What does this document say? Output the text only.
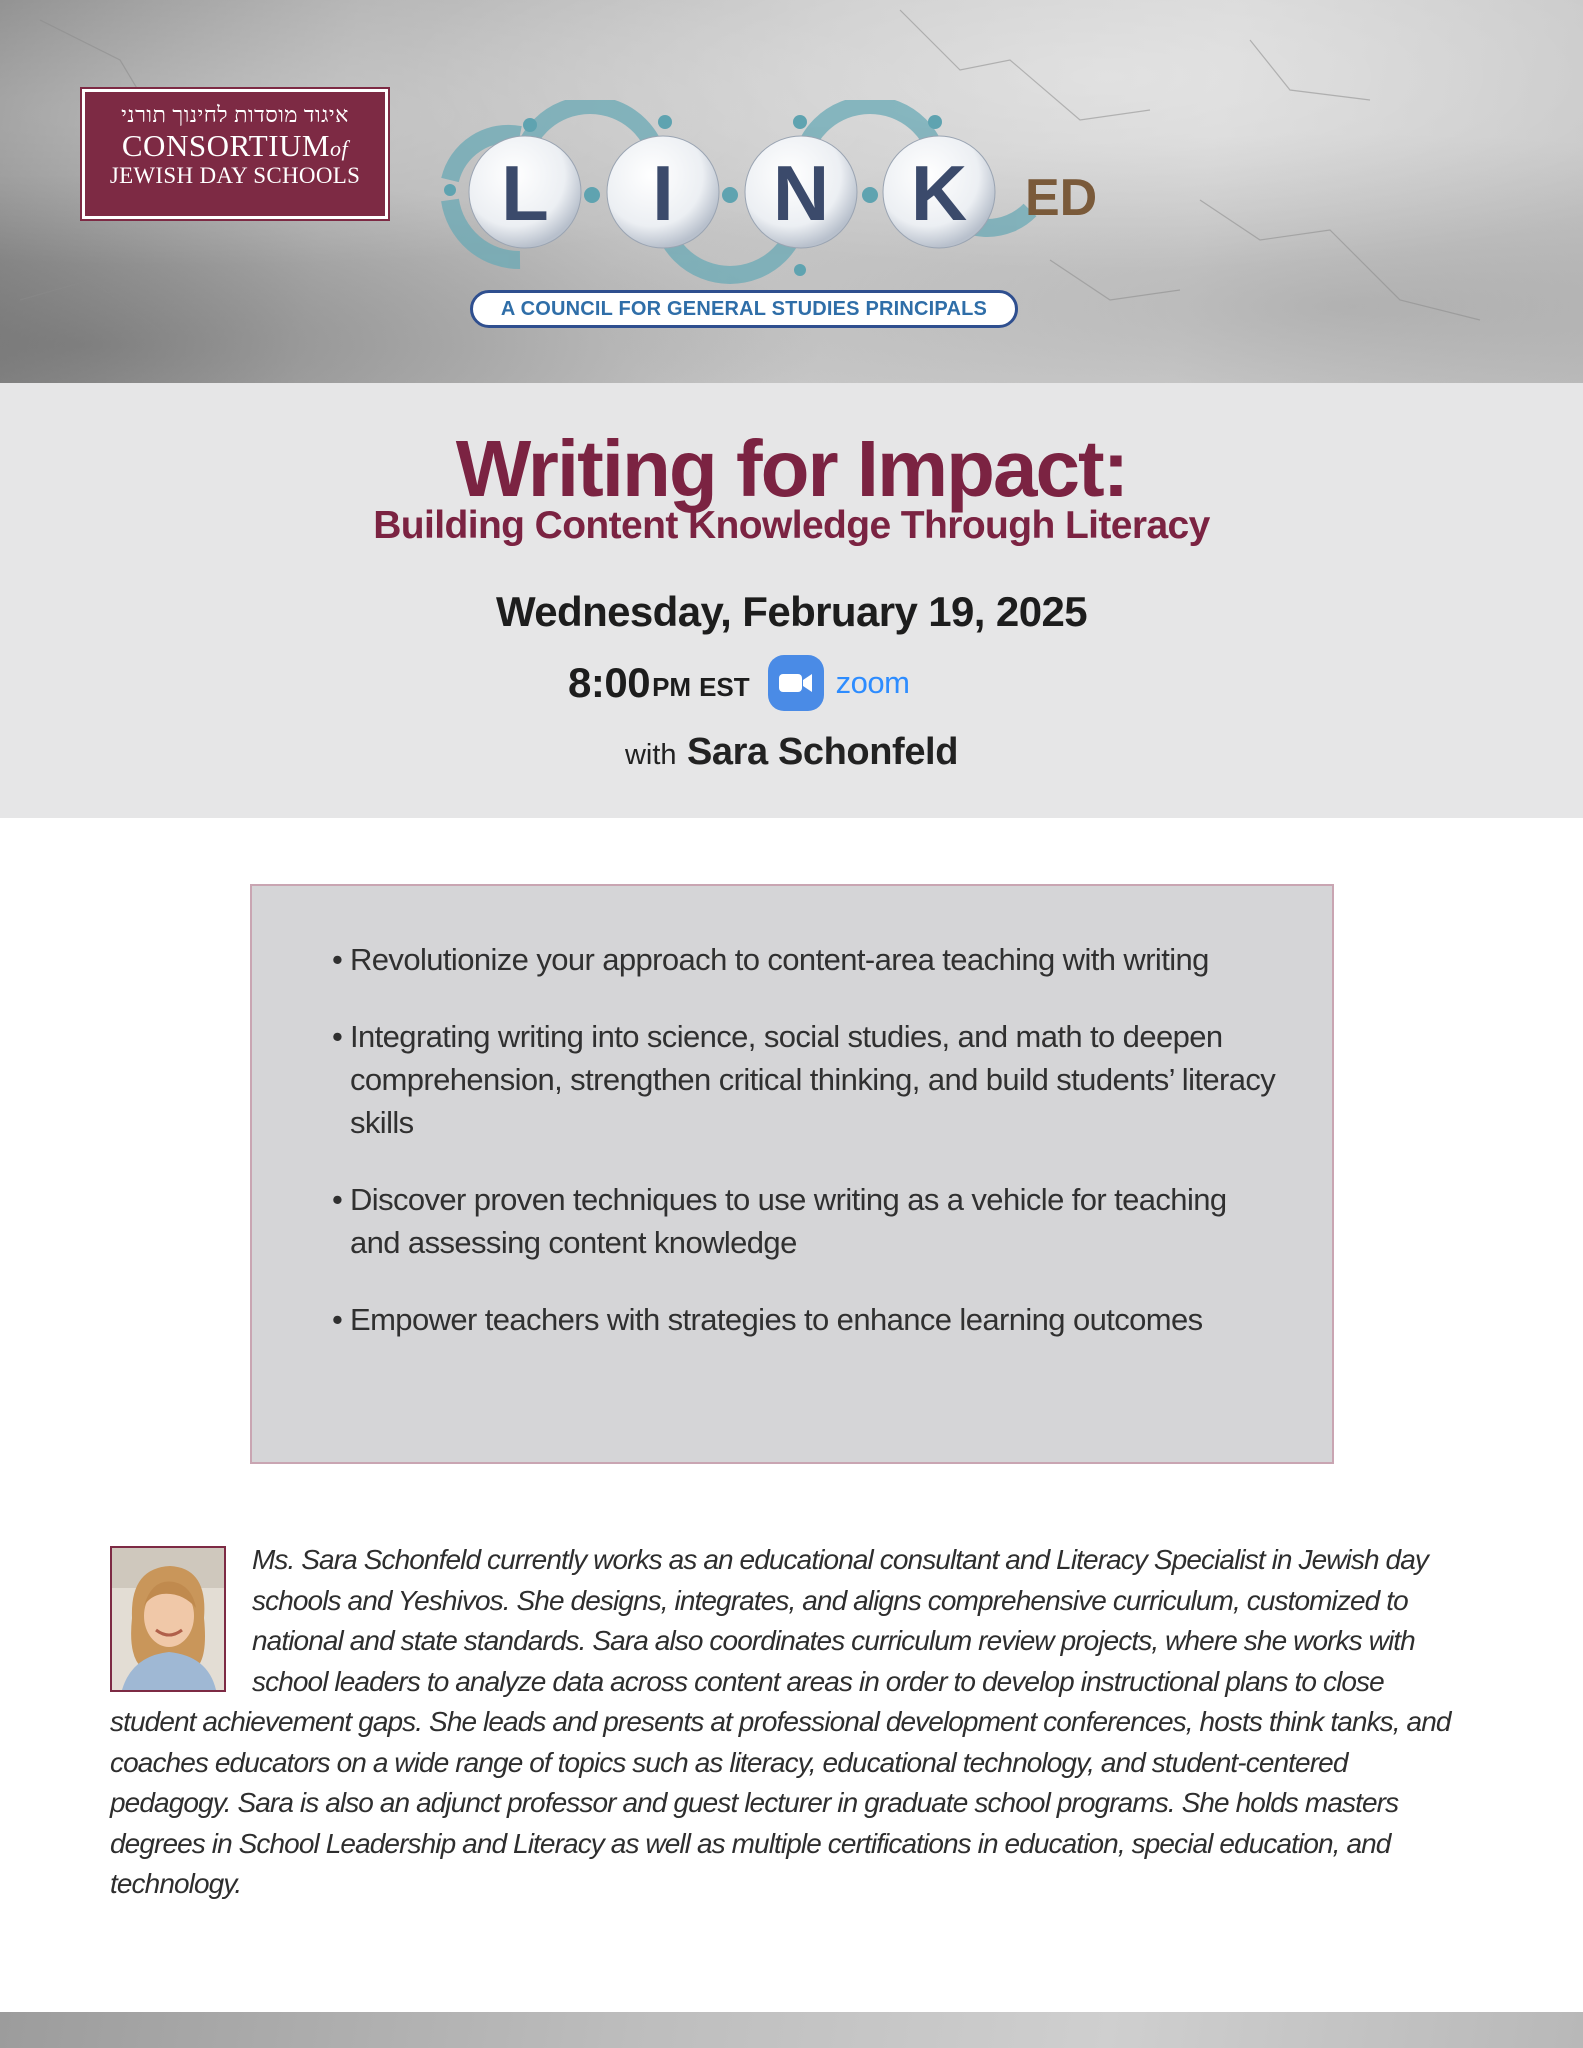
איגוד מוסדות לחינוך תורני
CONSORTIUMof
JEWISH DAY SCHOOLS	L I N K ED
A COUNCIL FOR GENERAL STUDIES PRINCIPALS
Writing for Impact:
Building Content Knowledge Through Literacy
Wednesday, February 19, 2025
8:00 PM EST	zoom
with Sara Schonfeld
• Revolutionize your approach to content-area teaching with writing
• Integrating writing into science, social studies, and math to deepen comprehension, strengthen critical thinking, and build students’ literacy skills
• Discover proven techniques to use writing as a vehicle for teaching and assessing content knowledge
• Empower teachers with strategies to enhance learning outcomes

Ms. Sara Schonfeld currently works as an educational consultant and Literacy Specialist in Jewish day schools and Yeshivos. She designs, integrates, and aligns comprehensive curriculum, customized to national and state standards. Sara also coordinates curriculum review projects, where she works with school leaders to analyze data across content areas in order to develop instructional plans to close student achievement gaps. She leads and presents at professional development conferences, hosts think tanks, and coaches educators on a wide range of topics such as literacy, educational technology, and student-centered pedagogy. Sara is also an adjunct professor and guest lecturer in graduate school programs. She holds masters degrees in School Leadership and Literacy as well as multiple certifications in education, special education, and technology.
